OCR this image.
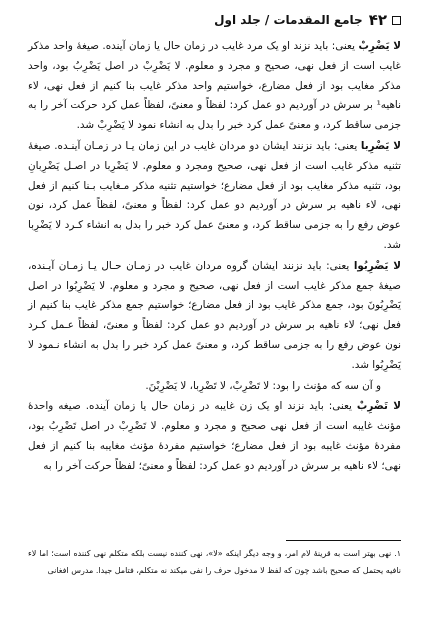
۴۲
جامع المقدمات / جلد اول

لا یَضْرِبْ یعنی: باید نزند او یک مرد غایب در زمان حال یا زمان آینده. صیغهٔ واحد مذکر غایب است از فعل نهی، صحیح و مجرد و معلوم. لا یَضْرِبْ در اصل یَضْرِبُ بود، واحد مذکر مغایب بود از فعل مضارع، خواستیم واحد مذکر غایب بنا کنیم از فعل نهی، لاء ناهیه¹ بر سرش در آوردیم دو عمل کرد: لفظاً و معنیً، لفظاً عمل کرد حرکت آخر را به جزمی ساقط کرد، و معنیً عمل کرد خبر را بدل به انشاء نمود لا یَضْرِبْ شد.

لا یَضْرِبا یعنی: باید نزنند ایشان دو مردان غایب در این زمان یـا در زمـان آینـده. صیغهٔ تثنیه مذکر غایب است از فعل نهی، صحیح ومجرد و معلوم. لا یَضْرِبا در اصـل یَضْرِبانِ بود، تثنیه مذکر مغایب بود از فعل مضارع؛ خواستیم تثنیه مذکر مـغایب بـنا کنیم از فعل نهی، لاء ناهیه بر سرش در آوردیم دو عمل کرد: لفظاً و معنیً، لفظاً عمل کرد، نون عوض رفع را به جزمی ساقط کرد، و معنیً عمل کرد خبر را بدل به انشاء کـرد لا یَضْرِبا شد.

لا یَضْرِبُوا یعنی: باید نزنند ایشان گروه مردان غایب در زمـان حـال یـا زمـان آیـنده، صیغهٔ جمع مذکر غایب است از فعل نهی، صحیح و مجرد و معلوم. لا یَضْرِبُوا در اصل یَضْرِبُونَ بود، جمع مذکر غایب بود از فعل مضارع؛ خواستیم جمع مذکر غایب بنا کنیم از فعل نهی؛ لاء ناهیه بر سرش در آوردیم دو عمل کرد: لفظاً و معنیً، لفظاً عـمل کـرد نون عوض رفع را به جزمی ساقط کرد، و معنیً عمل کرد خبر را بدل به انشاء نـمود لا یَضْرِبُوا شد.

و آن سه که مؤنث را بود: لا تَضْرِبْ، لا تَضْرِبا، لا یَضْرِبْنَ.

لا تَضْرِبْ یعنی: باید نزند او یک زن غایبه در زمان حال یا زمان آینده. صیغه واحدهٔ مؤنث غایبه است از فعل نهی صحیح و مجرد و معلوم. لا تَضْرِبْ در اصل تَضْرِبُ بود، مفردهٔ مؤنث غایبه بود از فعل مضارع؛ خواستیم مفردهٔ مؤنث مغایبه بنا کنیم از فعل نهی؛ لاء ناهیه بر سرش در آوردیم دو عمل کرد: لفظاً و معنیً؛ لفظاً حرکت آخر را به

۱. نهی بهتر است به قرینهٔ لام امر، و وجه دیگر اینکه «لا»، نهی کننده نیست بلکه متکلم نهی کننده است؛ اما لاء نافیه یحتمل که صحیح باشد چون که لفظ لا مدخول حرف را نفی میکند نه متکلم، فتامل جیدا. مدرس افغانی
